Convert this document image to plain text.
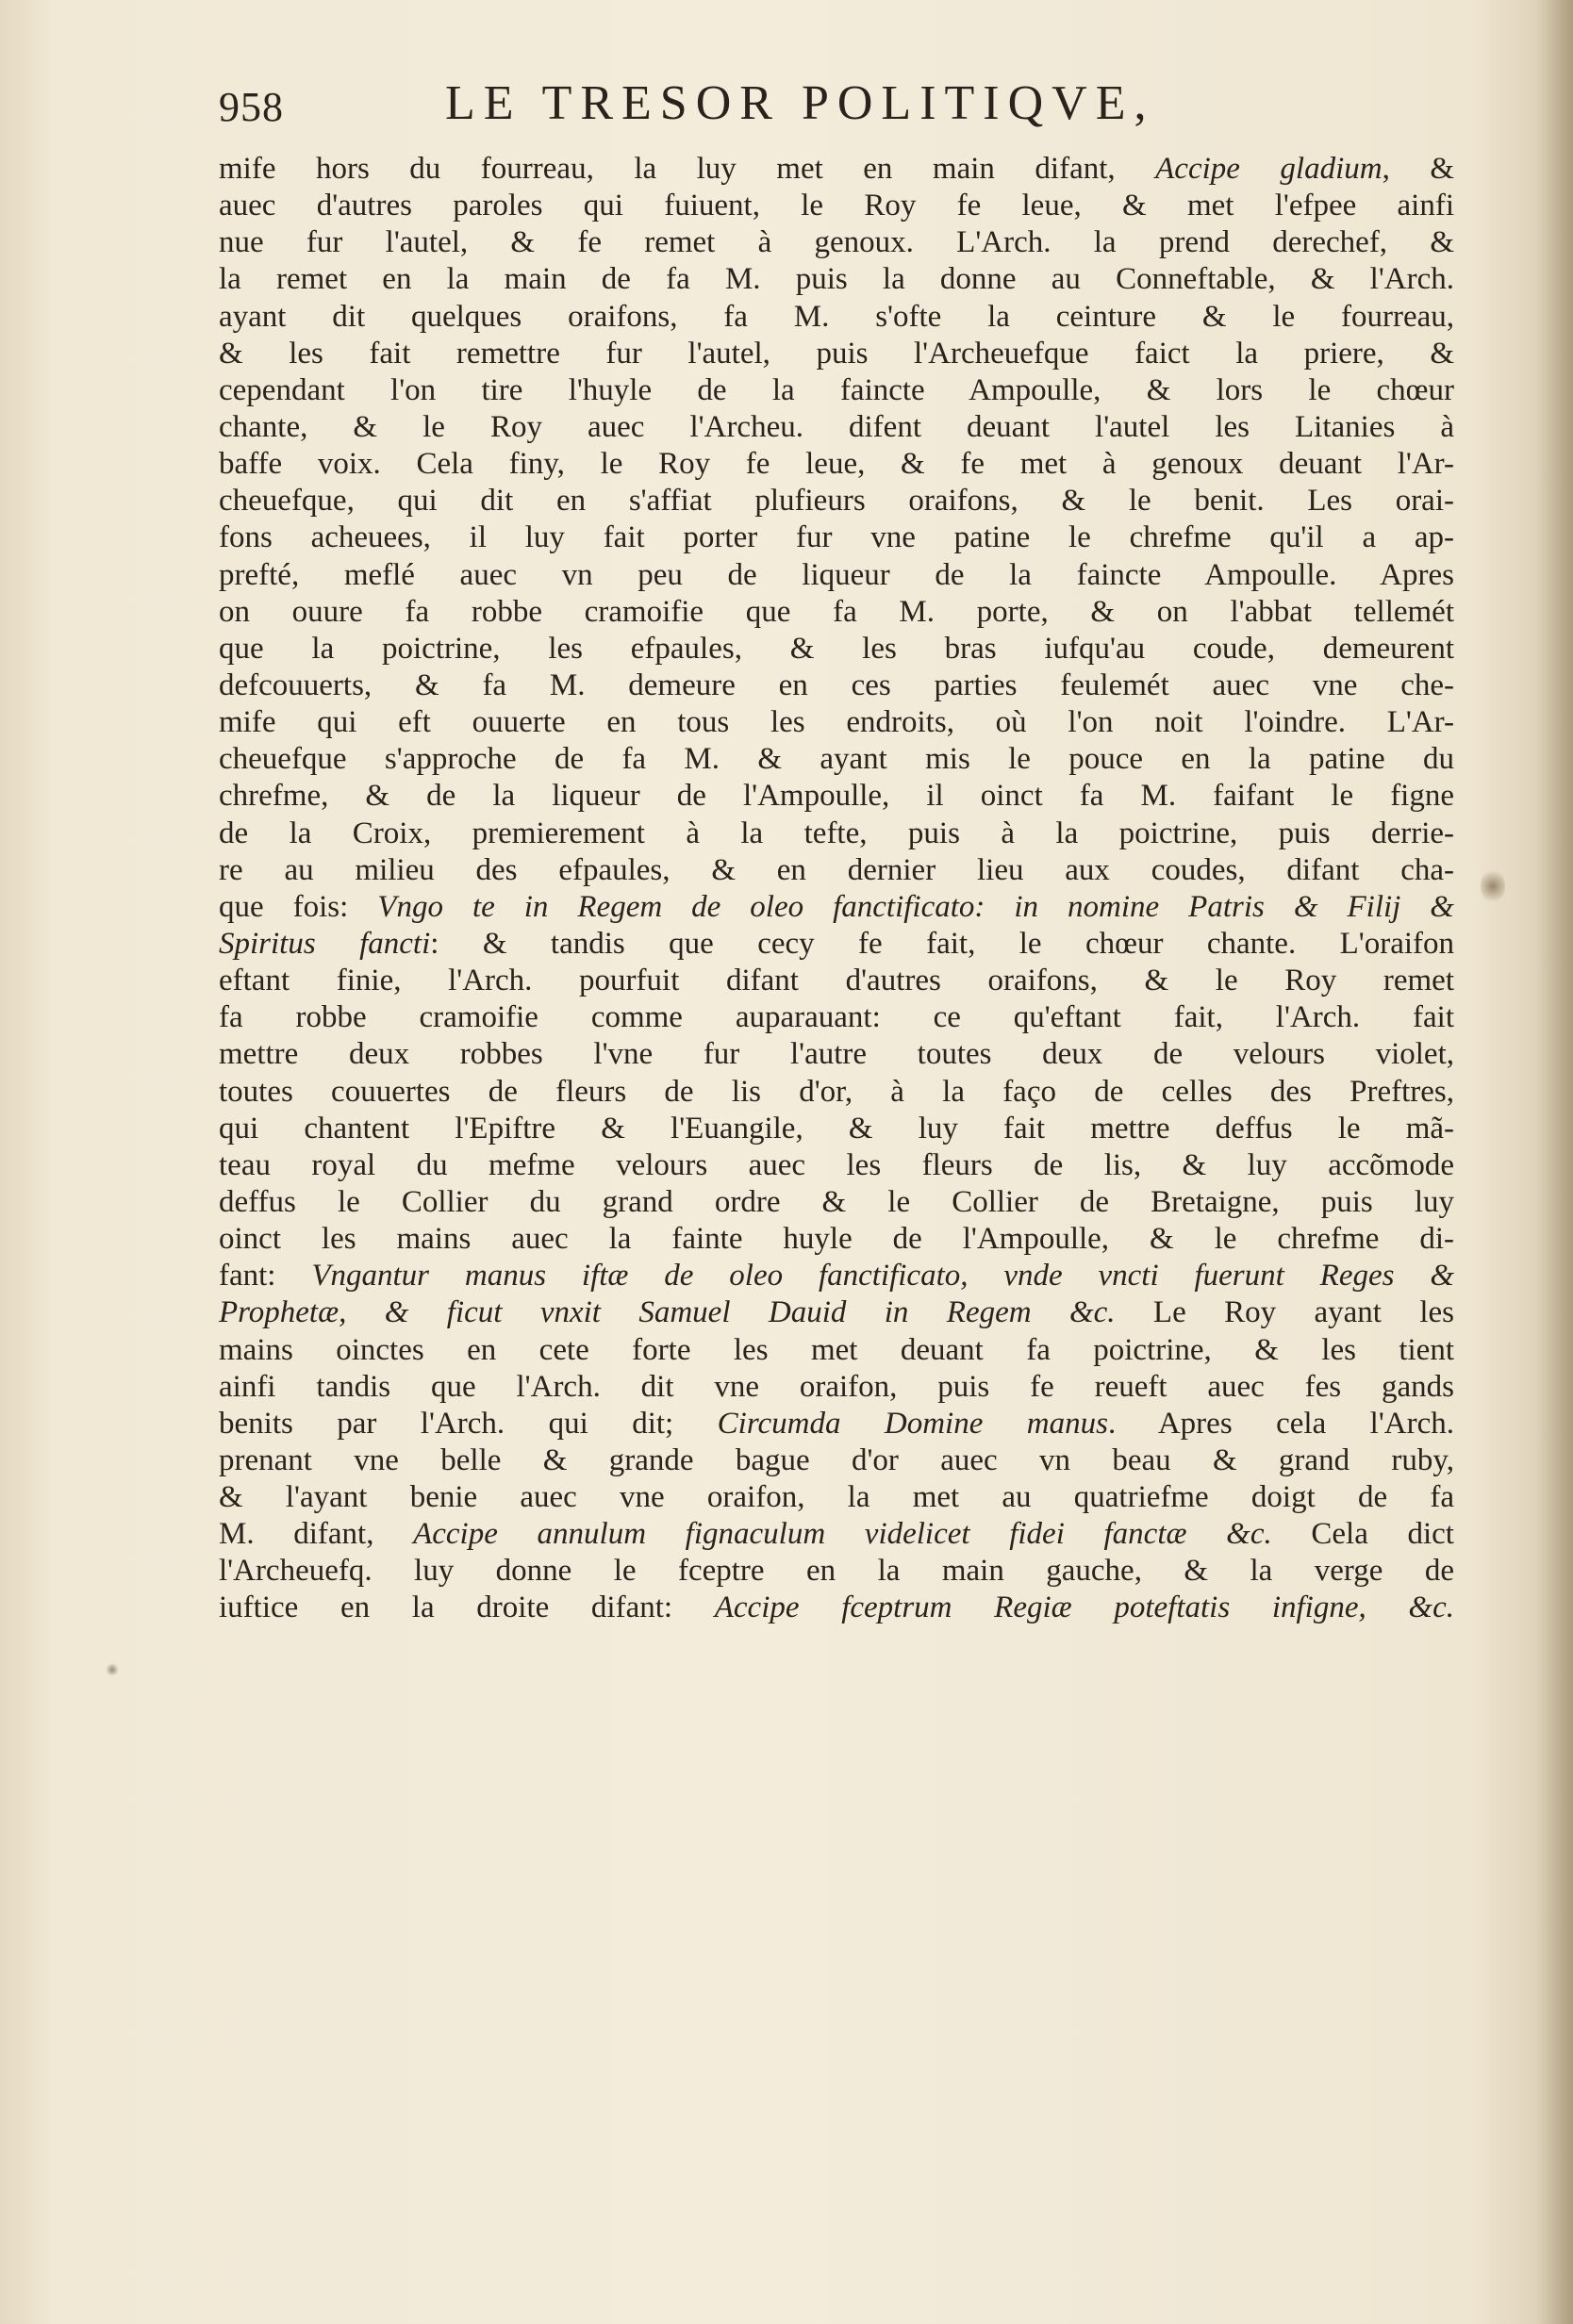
958	LE TRESOR POLITIQVE,
mife hors du fourreau, la luy met en main difant, Accipe gladium, &
auec d'autres paroles qui fuiuent, le Roy fe leue, & met l'efpee ainfi
nue fur l'autel, & fe remet à genoux. L'Arch. la prend derechef, &
la remet en la main de fa M. puis la donne au Conneftable, & l'Arch.
ayant dit quelques oraifons, fa M. s'ofte la ceinture & le fourreau,
& les fait remettre fur l'autel, puis l'Archeuefque faict la priere, &
cependant l'on tire l'huyle de la faincte Ampoulle, & lors le chœur
chante, & le Roy auec l'Archeu. difent deuant l'autel les Litanies à
baffe voix. Cela finy, le Roy fe leue, & fe met à genoux deuant l'Ar-
cheuefque, qui dit en s'affiat plufieurs oraifons, & le benit. Les orai-
fons acheuees, il luy fait porter fur vne patine le chrefme qu'il a ap-
prefté, meflé auec vn peu de liqueur de la faincte Ampoulle. Apres
on ouure fa robbe cramoifie que fa M. porte, & on l'abbat tellemét
que la poictrine, les efpaules, & les bras iufqu'au coude, demeurent
defcouuerts, & fa M. demeure en ces parties feulemét auec vne che-
mife qui eft ouuerte en tous les endroits, où l'on noit l'oindre. L'Ar-
cheuefque s'approche de fa M. & ayant mis le pouce en la patine du
chrefme, & de la liqueur de l'Ampoulle, il oinct fa M. faifant le figne
de la Croix, premierement à la tefte, puis à la poictrine, puis derrie-
re au milieu des efpaules, & en dernier lieu aux coudes, difant cha-
que fois: Vngo te in Regem de oleo fanctificato: in nomine Patris & Filij &
Spiritus fancti: & tandis que cecy fe fait, le chœur chante. L'oraifon
eftant finie, l'Arch. pourfuit difant d'autres oraifons, & le Roy remet
fa robbe cramoifie comme auparauant: ce qu'eftant fait, l'Arch. fait
mettre deux robbes l'vne fur l'autre toutes deux de velours violet,
toutes couuertes de fleurs de lis d'or, à la faço de celles des Preftres,
qui chantent l'Epiftre & l'Euangile, & luy fait mettre deffus le mã-
teau royal du mefme velours auec les fleurs de lis, & luy accõmode
deffus le Collier du grand ordre & le Collier de Bretaigne, puis luy
oinct les mains auec la fainte huyle de l'Ampoulle, & le chrefme di-
fant: Vngantur manus iftæ de oleo fanctificato, vnde vncti fuerunt Reges &
Prophetæ, & ficut vnxit Samuel Dauid in Regem &c. Le Roy ayant les
mains oinctes en cete forte les met deuant fa poictrine, & les tient
ainfi tandis que l'Arch. dit vne oraifon, puis fe reueft auec fes gands
benits par l'Arch. qui dit; Circumda Domine manus. Apres cela l'Arch.
prenant vne belle & grande bague d'or auec vn beau & grand ruby,
& l'ayant benie auec vne oraifon, la met au quatriefme doigt de fa
M. difant, Accipe annulum fignaculum videlicet fidei fanctæ &c. Cela dict
l'Archeuefq. luy donne le fceptre en la main gauche, & la verge de
iuftice en la droite difant: Accipe fceptrum Regiæ poteftatis infigne, &c.
